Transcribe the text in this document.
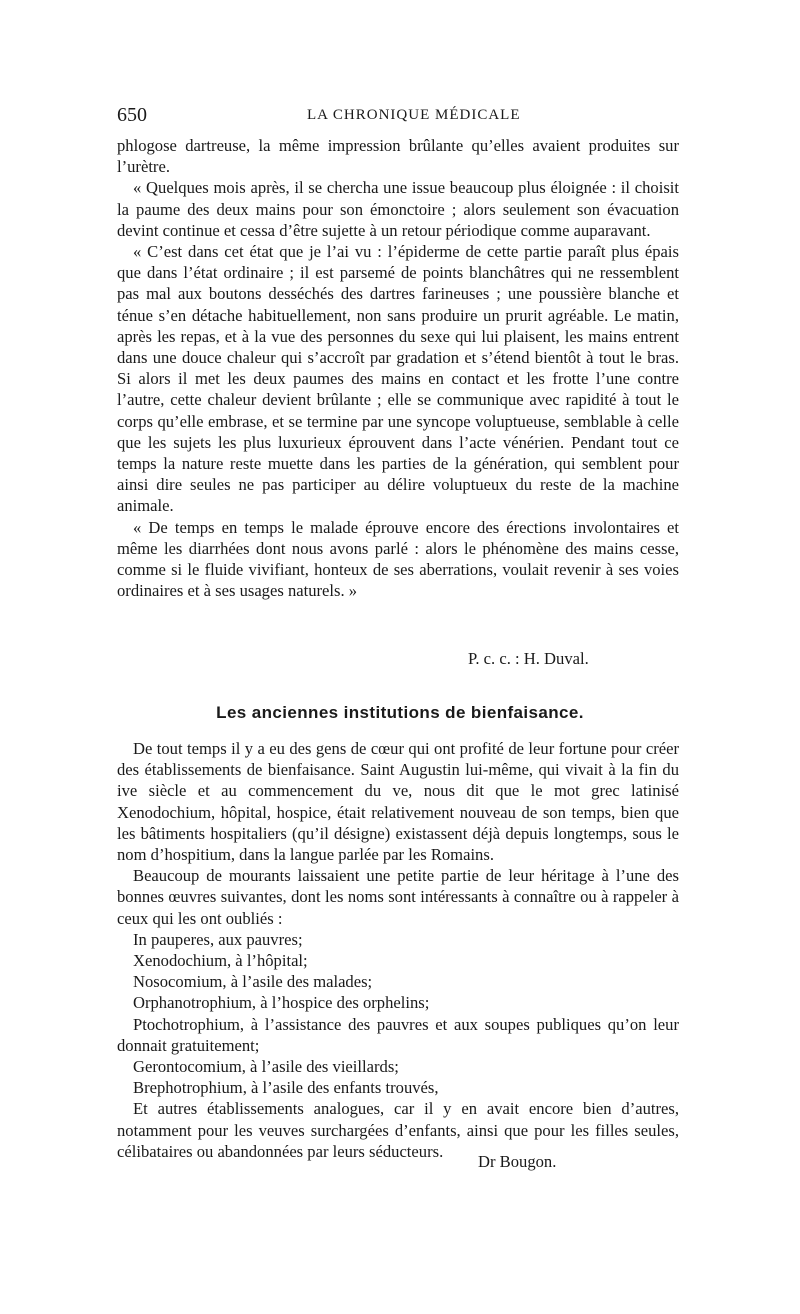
650	LA CHRONIQUE MÉDICALE

phlogose dartreuse, la même impression brûlante qu’elles avaient produites sur l’urètre.

« Quelques mois après, il se chercha une issue beaucoup plus éloignée : il choisit la paume des deux mains pour son émonctoire ; alors seulement son évacuation devint continue et cessa d’être sujette à un retour périodique comme auparavant.

« C’est dans cet état que je l’ai vu : l’épiderme de cette partie paraît plus épais que dans l’état ordinaire ; il est parsemé de points blanchâtres qui ne ressemblent pas mal aux boutons desséchés des dartres farineuses ; une poussière blanche et ténue s’en détache habituellement, non sans produire un prurit agréable. Le matin, après les repas, et à la vue des personnes du sexe qui lui plaisent, les mains entrent dans une douce chaleur qui s’accroît par gradation et s’étend bientôt à tout le bras. Si alors il met les deux paumes des mains en contact et les frotte l’une contre l’autre, cette chaleur devient brûlante ; elle se communique avec rapidité à tout le corps qu’elle embrase, et se termine par une syncope voluptueuse, semblable à celle que les sujets les plus luxurieux éprouvent dans l’acte vénérien. Pendant tout ce temps la nature reste muette dans les parties de la génération, qui semblent pour ainsi dire seules ne pas participer au délire voluptueux du reste de la machine animale.

« De temps en temps le malade éprouve encore des érections involontaires et même les diarrhées dont nous avons parlé : alors le phénomène des mains cesse, comme si le fluide vivifiant, honteux de ses aberrations, voulait revenir à ses voies ordinaires et à ses usages naturels. »

P. c. c. : H. Duval.
Les anciennes institutions de bienfaisance.

De tout temps il y a eu des gens de cœur qui ont profité de leur fortune pour créer des établissements de bienfaisance. Saint Augustin lui-même, qui vivait à la fin du ive siècle et au commencement du ve, nous dit que le mot grec latinisé Xenodochium, hôpital, hospice, était relativement nouveau de son temps, bien que les bâtiments hospitaliers (qu’il désigne) existassent déjà depuis longtemps, sous le nom d’hospitium, dans la langue parlée par les Romains.

Beaucoup de mourants laissaient une petite partie de leur héritage à l’une des bonnes œuvres suivantes, dont les noms sont intéressants à connaître ou à rappeler à ceux qui les ont oubliés :

In pauperes, aux pauvres;

Xenodochium, à l’hôpital;

Nosocomium, à l’asile des malades;

Orphanotrophium, à l’hospice des orphelins;

Ptochotrophium, à l’assistance des pauvres et aux soupes publiques qu’on leur donnait gratuitement;

Gerontocomium, à l’asile des vieillards;

Brephotrophium, à l’asile des enfants trouvés,

Et autres établissements analogues, car il y en avait encore bien d’autres, notamment pour les veuves surchargées d’enfants, ainsi que pour les filles seules, célibataires ou abandonnées par leurs séducteurs.

Dr Bougon.
